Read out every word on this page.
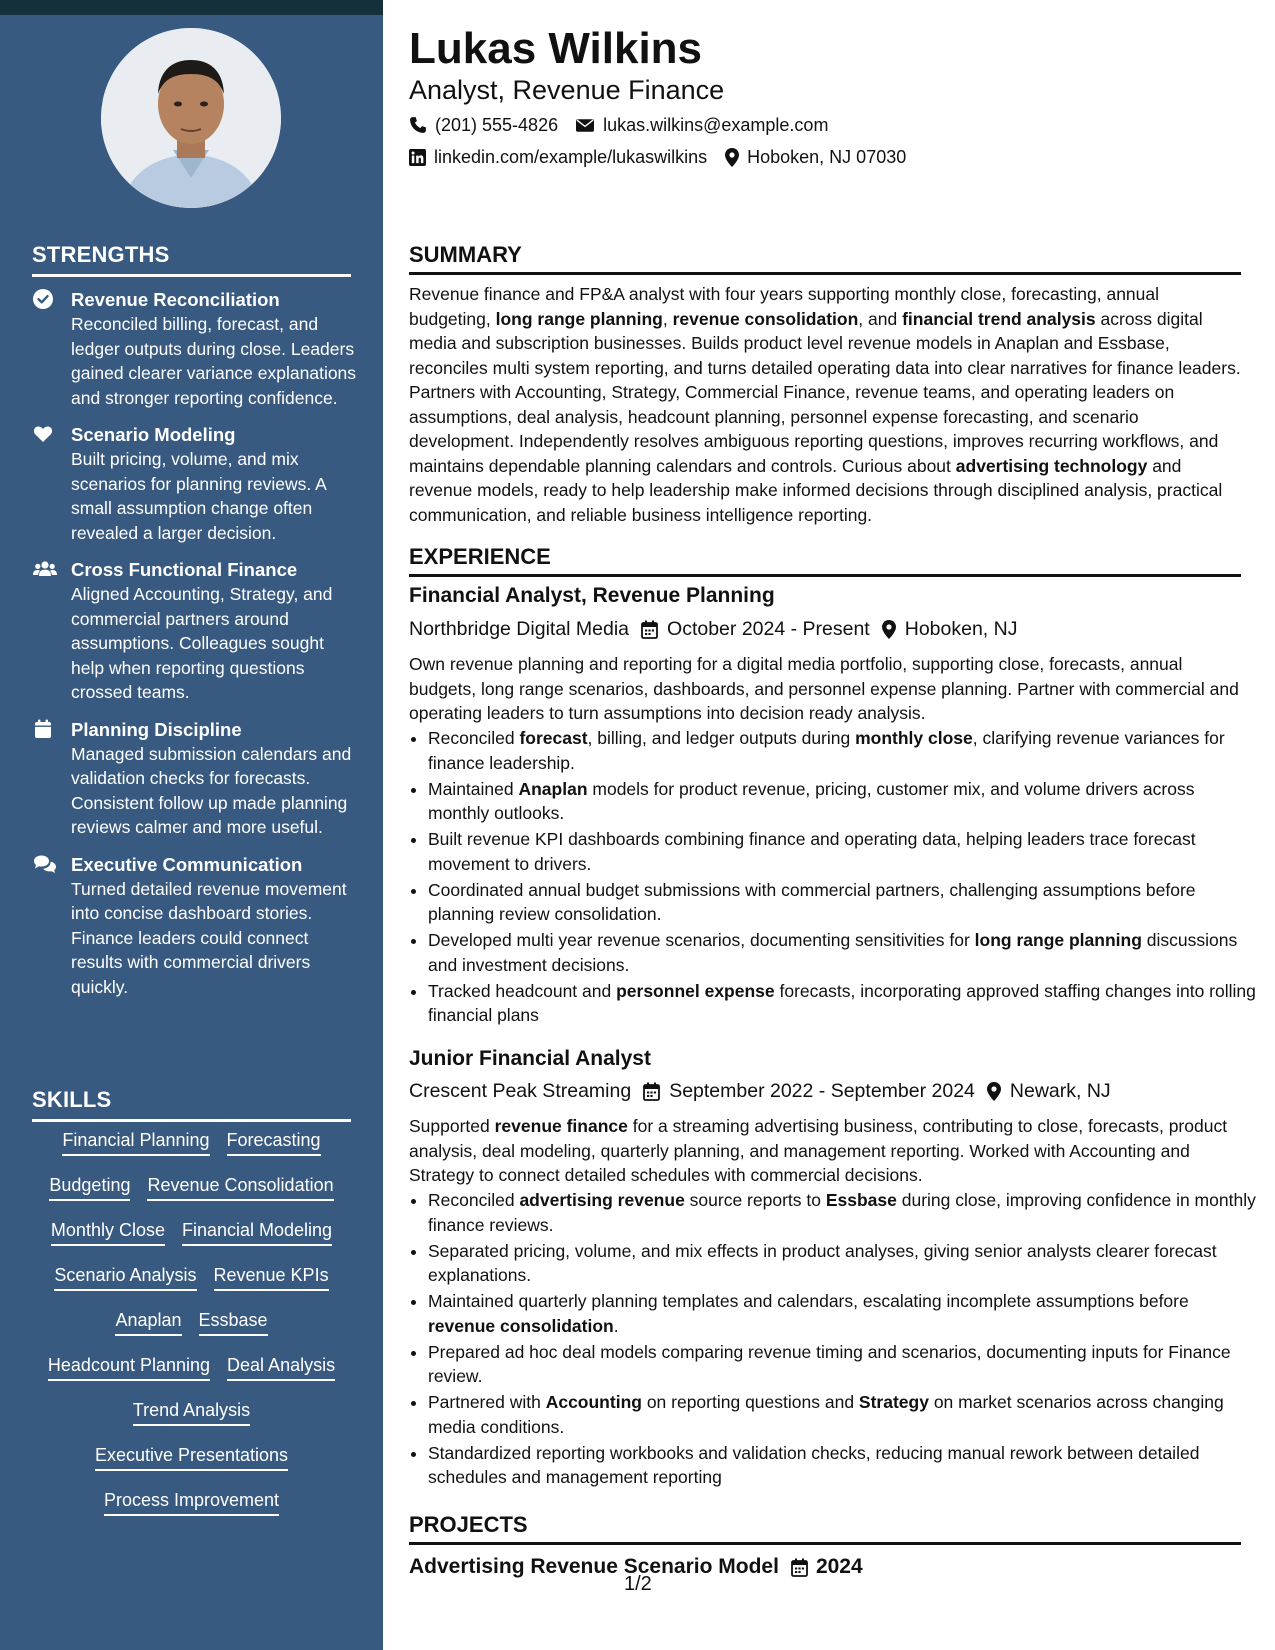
STRENGTHS
Revenue Reconciliation
Reconciled billing, forecast, and ledger outputs during close. Leaders gained clearer variance explanations and stronger reporting confidence.
Scenario Modeling
Built pricing, volume, and mix scenarios for planning reviews. A small assumption change often revealed a larger decision.
Cross Functional Finance
Aligned Accounting, Strategy, and commercial partners around assumptions. Colleagues sought help when reporting questions crossed teams.
Planning Discipline
Managed submission calendars and validation checks for forecasts. Consistent follow up made planning reviews calmer and more useful.
Executive Communication
Turned detailed revenue movement into concise dashboard stories. Finance leaders could connect results with commercial drivers quickly.
SKILLS
Financial Planning Forecasting
Budgeting Revenue Consolidation
Monthly Close Financial Modeling
Scenario Analysis Revenue KPIs
Anaplan Essbase
Headcount Planning Deal Analysis
Trend Analysis
Executive Presentations
Process Improvement
Lukas Wilkins
Analyst, Revenue Finance
(201) 555-4826	lukas.wilkins@example.com
linkedin.com/example/lukaswilkins Hoboken, NJ 07030
SUMMARY

Revenue finance and FP&A analyst with four years supporting monthly close, forecasting, annual budgeting, long range planning, revenue consolidation, and financial trend analysis across digital media and subscription businesses. Builds product level revenue models in Anaplan and Essbase, reconciles multi system reporting, and turns detailed operating data into clear narratives for finance leaders. Partners with Accounting, Strategy, Commercial Finance, revenue teams, and operating leaders on assumptions, deal analysis, headcount planning, personnel expense forecasting, and scenario development. Independently resolves ambiguous reporting questions, improves recurring workflows, and maintains dependable planning calendars and controls. Curious about advertising technology and revenue models, ready to help leadership make informed decisions through disciplined analysis, practical communication, and reliable business intelligence reporting.

EXPERIENCE
Financial Analyst, Revenue Planning
Northbridge Digital Media October 2024 - Present Hoboken, NJ

Own revenue planning and reporting for a digital media portfolio, supporting close, forecasts, annual budgets, long range scenarios, dashboards, and personnel expense planning. Partner with commercial and operating leaders to turn assumptions into decision ready analysis.

• Reconciled forecast, billing, and ledger outputs during monthly close, clarifying revenue variances for finance leadership.
• Maintained Anaplan models for product revenue, pricing, customer mix, and volume drivers across monthly outlooks.
• Built revenue KPI dashboards combining finance and operating data, helping leaders trace forecast movement to drivers.
• Coordinated annual budget submissions with commercial partners, challenging assumptions before planning review consolidation.
• Developed multi year revenue scenarios, documenting sensitivities for long range planning discussions and investment decisions.
• Tracked headcount and personnel expense forecasts, incorporating approved staffing changes into rolling financial plans
Junior Financial Analyst
Crescent Peak Streaming September 2022 - September 2024 Newark, NJ

Supported revenue finance for a streaming advertising business, contributing to close, forecasts, product analysis, deal modeling, quarterly planning, and management reporting. Worked with Accounting and Strategy to connect detailed schedules with commercial decisions.

• Reconciled advertising revenue source reports to Essbase during close, improving confidence in monthly finance reviews.
• Separated pricing, volume, and mix effects in product analyses, giving senior analysts clearer forecast explanations.
• Maintained quarterly planning templates and calendars, escalating incomplete assumptions before revenue consolidation.
• Prepared ad hoc deal models comparing revenue timing and scenarios, documenting inputs for Finance review.
• Partnered with Accounting on reporting questions and Strategy on market scenarios across changing media conditions.
• Standardized reporting workbooks and validation checks, reducing manual rework between detailed schedules and management reporting
PROJECTS
Advertising Revenue Scenario Model 2024
1/2
